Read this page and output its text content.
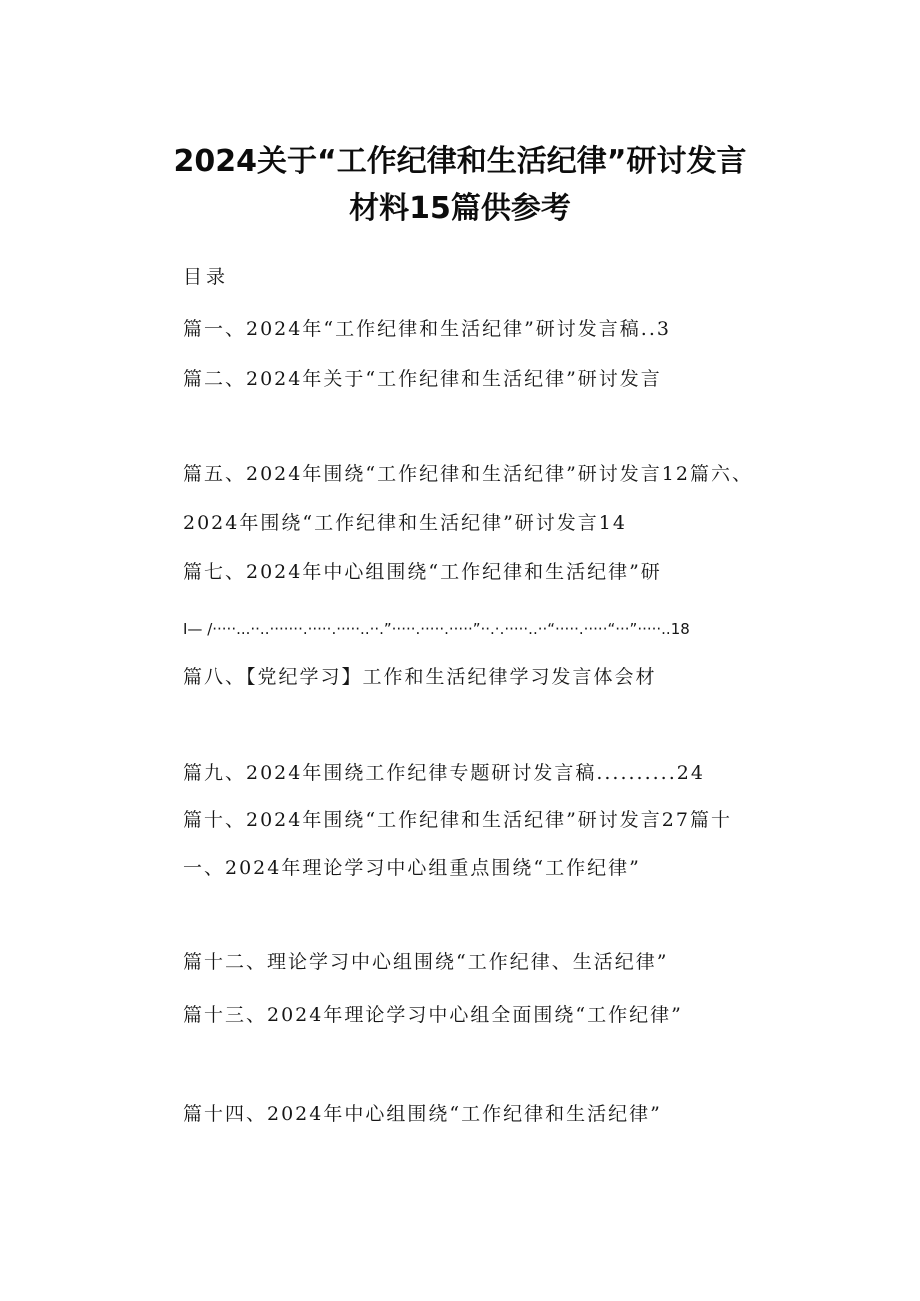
2024关于“工作纪律和生活纪律”研讨发言
材料15篇供参考
目录
篇一、2024年“工作纪律和生活纪律”研讨发言稿..3
篇二、2024年关于“工作纪律和生活纪律”研讨发言
篇五、2024年围绕“工作纪律和生活纪律”研讨发言12篇六、
2024年围绕“工作纪律和生活纪律”研讨发言14
篇七、2024年中心组围绕“工作纪律和生活纪律”研
I— /·····...··..·······.·····.·····..··.”·····.·····.·····”··.·.·····..··“·····.·····“···”·····..18
篇八、【党纪学习】工作和生活纪律学习发言体会材
篇九、2024年围绕工作纪律专题研讨发言稿..........24
篇十、2024年围绕“工作纪律和生活纪律”研讨发言27篇十
一、2024年理论学习中心组重点围绕“工作纪律”
篇十二、理论学习中心组围绕“工作纪律、生活纪律”
篇十三、2024年理论学习中心组全面围绕“工作纪律”
篇十四、2024年中心组围绕“工作纪律和生活纪律”
